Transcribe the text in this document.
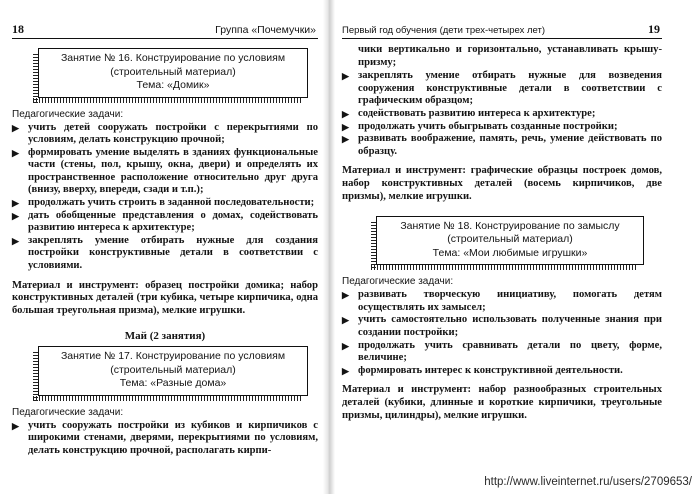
18	Группа «Почемучки»
Занятие № 16. Конструирование по условиям
(строительный материал)
Тема: «Домик»
Педагогические задачи:
▶ учить детей сооружать постройки с перекрытиями по условиям, делать конструкцию прочной;
▶ формировать умение выделять в зданиях функциональные части (стены, пол, крышу, окна, двери) и определять их пространственное расположение относительно друг друга (внизу, вверху, впереди, сзади и т.п.);
▶ продолжать учить строить в заданной последовательности;
▶ дать обобщенные представления о домах, содействовать развитию интереса к архитектуре;
▶ закреплять умение отбирать нужные для создания постройки конструктивные детали в соответствии с условиями.

Материал и инструмент: образец постройки домика; набор конструктивных деталей (три кубика, четыре кирпичика, одна большая треугольная призма), мелкие игрушки.

Май (2 занятия)
Занятие № 17. Конструирование по условиям
(строительный материал)
Тема: «Разные дома»
Педагогические задачи:
▶ учить сооружать постройки из кубиков и кирпичиков с широкими стенами, дверями, перекрытиями по условиям, делать конструкцию прочной, располагать кирпи-
Первый год обучения (дети трех-четырех лет)	19
чики вертикально и горизонтально, устанавливать крышу-призму;
▶ закреплять умение отбирать нужные для возведения сооружения конструктивные детали в соответствии с графическим образцом;
▶ содействовать развитию интереса к архитектуре;
▶ продолжать учить обыгрывать созданные постройки;
▶ развивать воображение, память, речь, умение действовать по образцу.

Материал и инструмент: графические образцы построек домов, набор конструктивных деталей (восемь кирпичиков, две призмы), мелкие игрушки.

Занятие № 18. Конструирование по замыслу
(строительный материал)
Тема: «Мои любимые игрушки»
Педагогические задачи:
▶ развивать творческую инициативу, помогать детям осуществлять их замысел;
▶ учить самостоятельно использовать полученные знания при создании постройки;
▶ продолжать учить сравнивать детали по цвету, форме, величине;
▶ формировать интерес к конструктивной деятельности.

Материал и инструмент: набор разнообразных строительных деталей (кубики, длинные и короткие кирпичики, треугольные призмы, цилиндры), мелкие игрушки.

http://www.liveinternet.ru/users/2709653/
